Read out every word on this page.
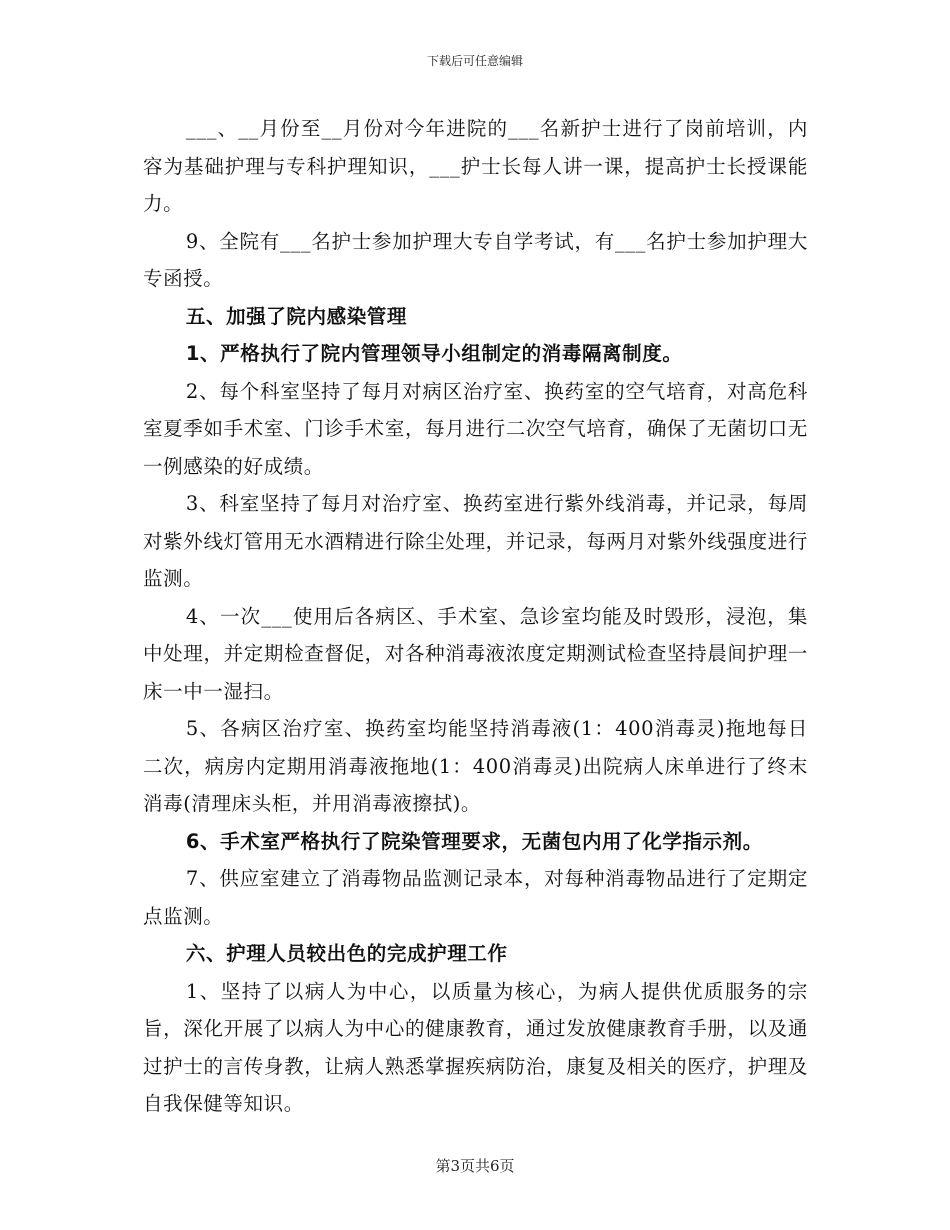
下载后可任意编辑

___、__月份至__月份对今年进院的___名新护士进行了岗前培训，内容为基础护理与专科护理知识，___护士长每人讲一课，提高护士长授课能力。

9、全院有___名护士参加护理大专自学考试，有___名护士参加护理大专函授。

五、加强了院内感染管理

1、严格执行了院内管理领导小组制定的消毒隔离制度。

2、每个科室坚持了每月对病区治疗室、换药室的空气培育，对高危科室夏季如手术室、门诊手术室，每月进行二次空气培育，确保了无菌切口无一例感染的好成绩。

3、科室坚持了每月对治疗室、换药室进行紫外线消毒，并记录，每周对紫外线灯管用无水酒精进行除尘处理，并记录，每两月对紫外线强度进行监测。

4、一次___使用后各病区、手术室、急诊室均能及时毁形，浸泡，集中处理，并定期检查督促，对各种消毒液浓度定期测试检查坚持晨间护理一床一中一湿扫。

5、各病区治疗室、换药室均能坚持消毒液(1：400消毒灵)拖地每日二次，病房内定期用消毒液拖地(1：400消毒灵)出院病人床单进行了终末消毒(清理床头柜，并用消毒液擦拭)。

6、手术室严格执行了院染管理要求，无菌包内用了化学指示剂。

7、供应室建立了消毒物品监测记录本，对每种消毒物品进行了定期定点监测。

六、护理人员较出色的完成护理工作

1、坚持了以病人为中心，以质量为核心，为病人提供优质服务的宗旨，深化开展了以病人为中心的健康教育，通过发放健康教育手册，以及通过护士的言传身教，让病人熟悉掌握疾病防治，康复及相关的医疗，护理及自我保健等知识。

第3页共6页
